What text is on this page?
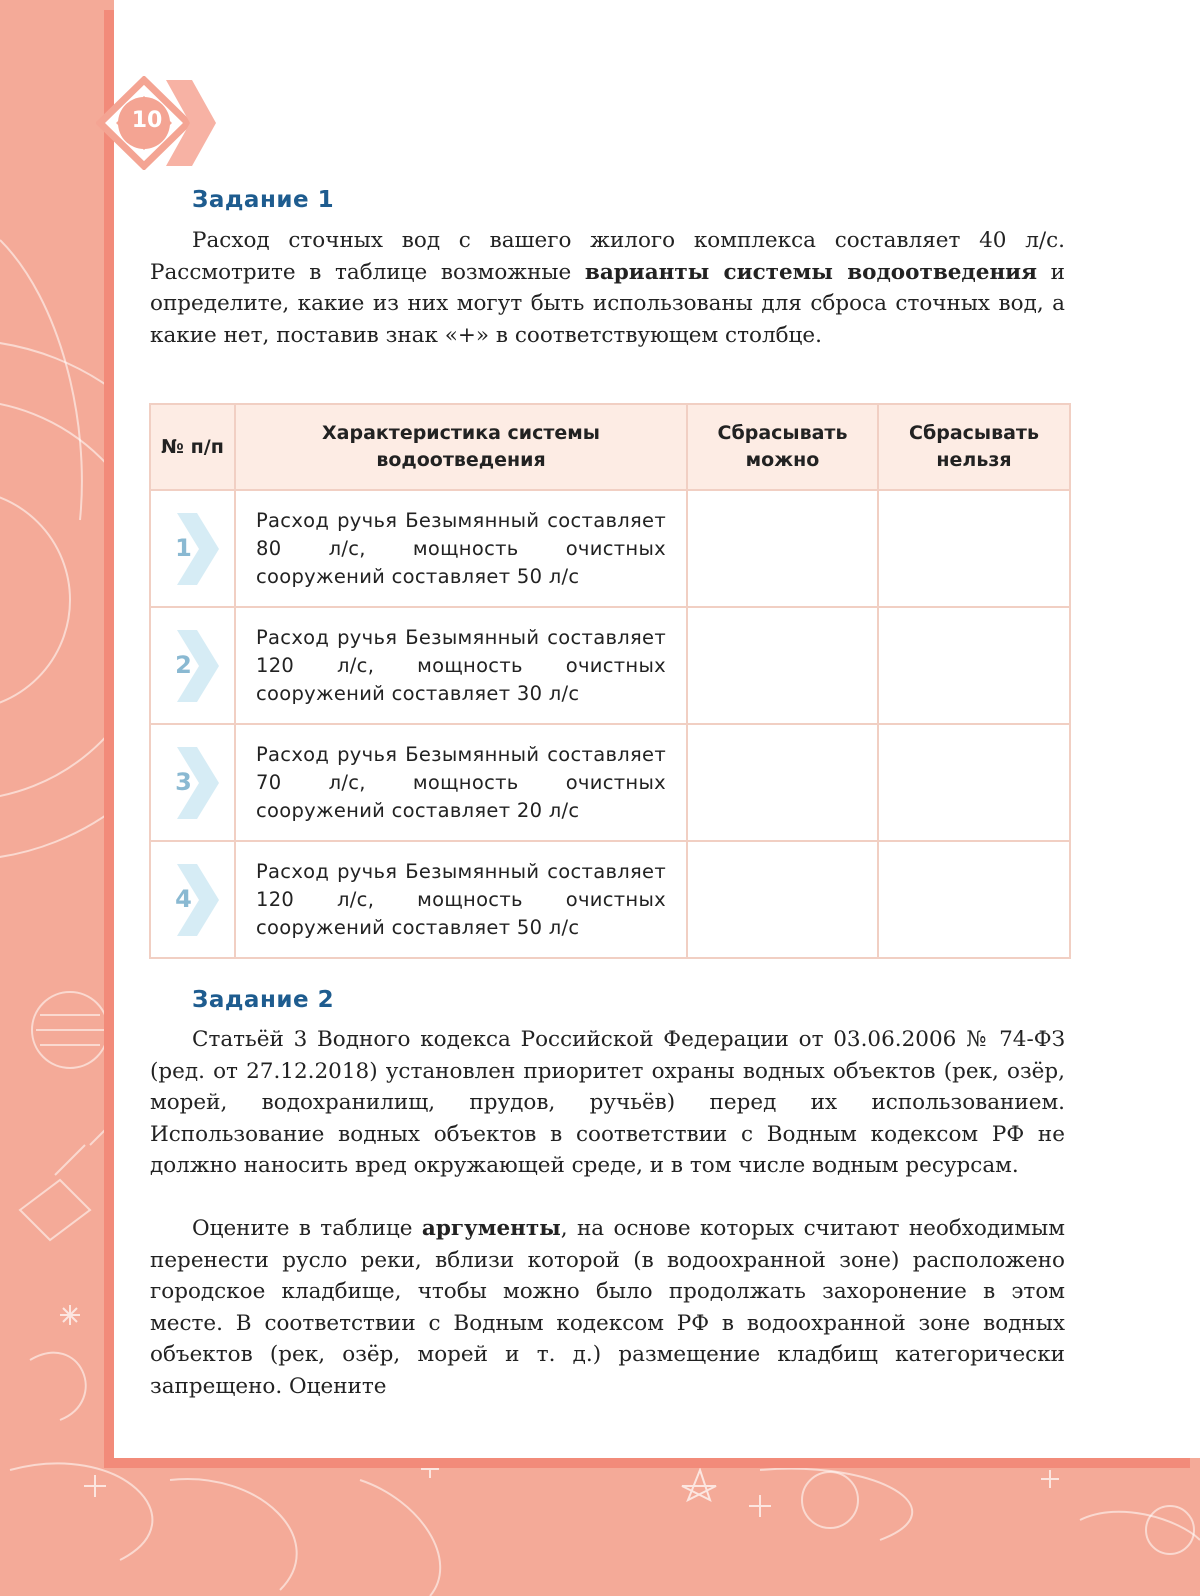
10
Задание 1
Расход сточных вод с вашего жилого комплекса составляет 40 л/с. Рассмотрите в таблице возможные варианты системы водоотведения и определите, какие из них могут быть использованы для сброса сточных вод, а какие нет, поставив знак «+» в соответствующем столбце.
№ п/п	Характеристика системы водоотведения	Сбрасывать можно	Сбрасывать нельзя

1	Расход ручья Безымянный составляет 80 л/с, мощность очистных сооружений составляет 50 л/с		

2	Расход ручья Безымянный составляет 120 л/с, мощность очистных сооружений составляет 30 л/с		

3	Расход ручья Безымянный составляет 70 л/с, мощность очистных сооружений составляет 20 л/с		

4	Расход ручья Безымянный составляет 120 л/с, мощность очистных сооружений составляет 50 л/с		
Задание 2
Статьёй 3 Водного кодекса Российской Федерации от 03.06.2006 № 74-ФЗ (ред. от 27.12.2018) установлен приоритет охраны водных объектов (рек, озёр, морей, водохранилищ, прудов, ручьёв) перед их использованием. Использование водных объектов в соответствии с Водным кодексом РФ не должно наносить вред окружающей среде, и в том числе водным ресурсам.
Оцените в таблице аргументы, на основе которых считают необходимым перенести русло реки, вблизи которой (в водоохранной зоне) расположено городское кладбище, чтобы можно было продолжать захоронение в этом месте. В соответствии с Водным кодексом РФ в водоохранной зоне водных объектов (рек, озёр, морей и т. д.) размещение кладбищ категорически запрещено. Оцените
